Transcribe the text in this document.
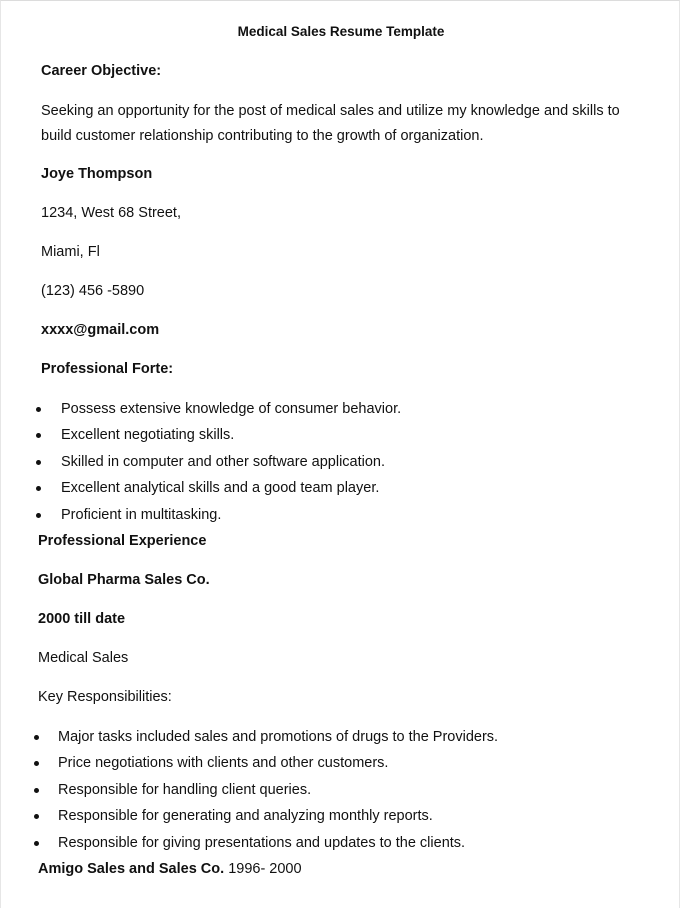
Medical Sales Resume Template
Career Objective:
Seeking an opportunity for the post of medical sales and utilize my knowledge and skills to build customer relationship contributing to the growth of organization.
Joye Thompson
1234, West 68 Street,
Miami, Fl
(123) 456 -5890
xxxx@gmail.com
Professional Forte:
Possess extensive knowledge of consumer behavior.
Excellent negotiating skills.
Skilled in computer and other software application.
Excellent analytical skills and a good team player.
Proficient in multitasking.
Professional Experience
Global Pharma Sales Co.
2000 till date
Medical Sales
Key Responsibilities:
Major tasks included sales and promotions of drugs to the Providers.
Price negotiations with clients and other customers.
Responsible for handling client queries.
Responsible for generating and analyzing monthly reports.
Responsible for giving presentations and updates to the clients.
Amigo Sales and Sales Co. 1996- 2000
